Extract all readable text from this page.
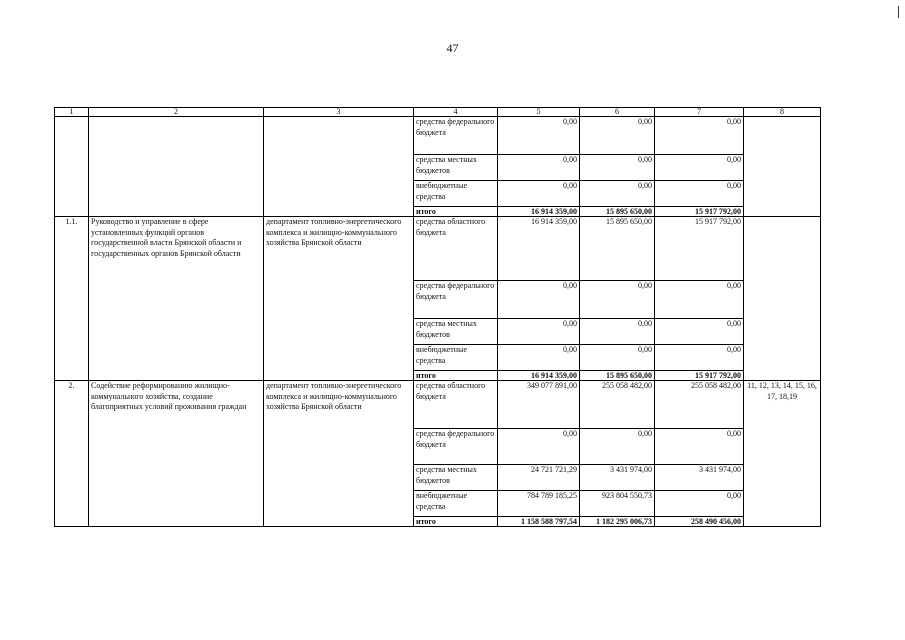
47
1	2	3	4	5	6	7	8
			средства федерального бюджета	0,00	0,00	0,00	
			средства местных бюджетов	0,00	0,00	0,00	
			внебюджетные средства	0,00	0,00	0,00	
			итого	16 914 359,00	15 895 650,00	15 917 792,00	
1.1.	Руководство и управление в сфере установленных функций органов государственной власти Брянской области и государственных органов Брянской области	департамент топливно-энергетического комплекса и жилищно-коммунального хозяйства Брянской области	средства областного бюджета	16 914 359,00	15 895 650,00	15 917 792,00	
			средства федерального бюджета	0,00	0,00	0,00	
			средства местных бюджетов	0,00	0,00	0,00	
			внебюджетные средства	0,00	0,00	0,00	
			итого	16 914 359,00	15 895 650,00	15 917 792,00	
2.	Содействие реформированию жилищно-коммунального хозяйства, создание благоприятных условий проживания граждан	департамент топливно-энергетического комплекса и жилищно-коммунального хозяйства Брянской области	средства областного бюджета	349 077 891,00	255 058 482,00	255 058 482,00	11, 12, 13, 14, 15, 16, 17, 18,19
			средства федерального бюджета	0,00	0,00	0,00	
			средства местных бюджетов	24 721 721,29	3 431 974,00	3 431 974,00	
			внебюджетные средства	784 789 185,25	923 804 550,73	0,00	
			итого	1 158 588 797,54	1 182 295 006,73	258 490 456,00	
